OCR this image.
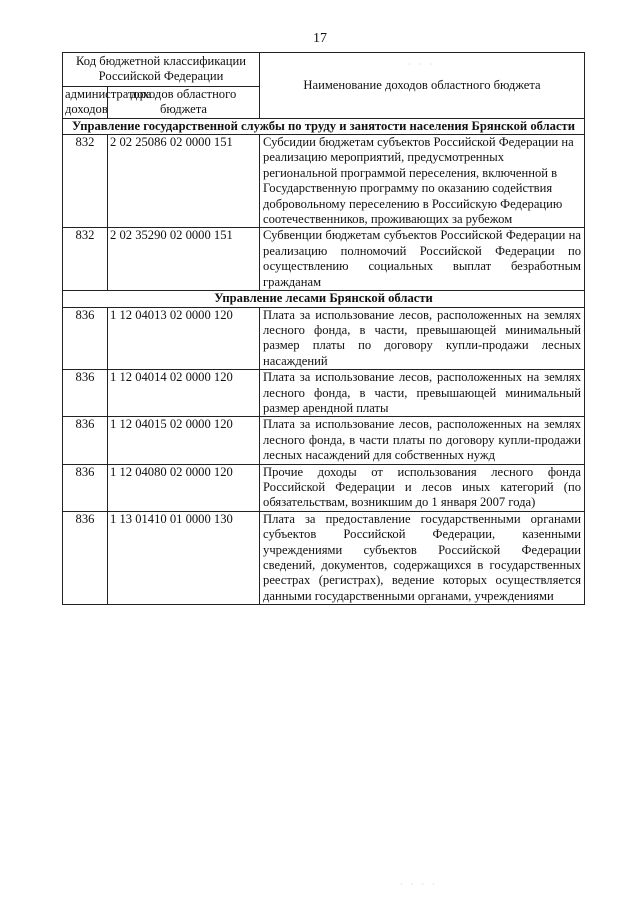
17
Код бюджетной классификации Российской Федерации		Наименование доходов областного бюджета
администратора доходов	доходов областного бюджета	
Управление государственной службы по труду и занятости населения Брянской области		
832	2 02 25086 02 0000 151	Субсидии бюджетам субъектов Российской Федерации на реализацию мероприятий, предусмотренных региональной программой переселения, включенной в Государственную программу по оказанию содействия добровольному переселению в Российскую Федерацию соотечественников, проживающих за рубежом
832	2 02 35290 02 0000 151	Субвенции бюджетам субъектов Российской Федерации на реализацию полномочий Российской Федерации по осуществлению социальных выплат безработным гражданам
Управление лесами Брянской области		
836	1 12 04013 02 0000 120	Плата за использование лесов, расположенных на землях лесного фонда, в части, превышающей минимальный размер платы по договору купли-продажи лесных насаждений
836	1 12 04014 02 0000 120	Плата за использование лесов, расположенных на землях лесного фонда, в части, превышающей минимальный размер арендной платы
836	1 12 04015 02 0000 120	Плата за использование лесов, расположенных на землях лесного фонда, в части платы по договору купли-продажи лесных насаждений для собственных нужд
836	1 12 04080 02 0000 120	Прочие доходы от использования лесного фонда Российской Федерации и лесов иных категорий (по обязательствам, возникшим до 1 января 2007 года)
836	1 13 01410 01 0000 130	Плата за предоставление государственными органами субъектов Российской Федерации, казенными учреждениями субъектов Российской Федерации сведений, документов, содержащихся в государственных реестрах (регистрах), ведение которых осуществляется данными государственными органами, учреждениями
· · ·
· · · ·
